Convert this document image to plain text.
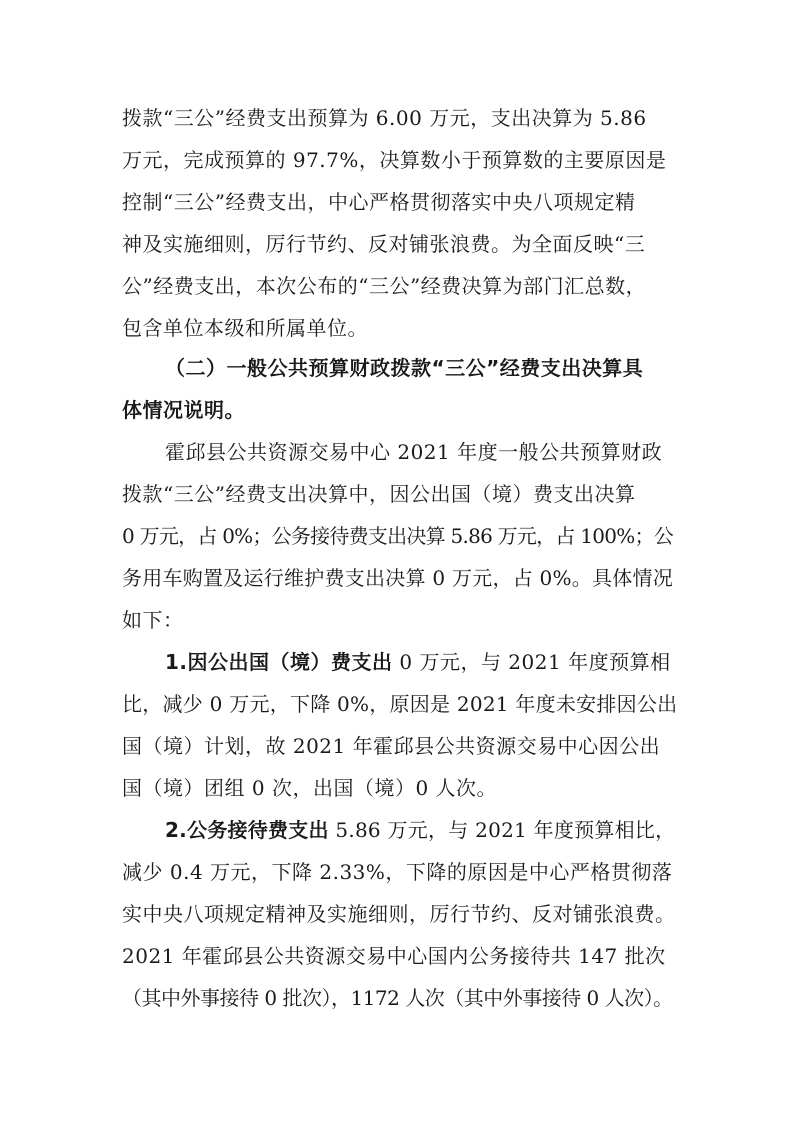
拨款“三公”经费支出预算为 6.00 万元，支出决算为 5.86
万元，完成预算的 97.7%，决算数小于预算数的主要原因是
控制“三公”经费支出，中心严格贯彻落实中央八项规定精
神及实施细则，厉行节约、反对铺张浪费。为全面反映“三
公”经费支出，本次公布的“三公”经费决算为部门汇总数，
包含单位本级和所属单位。
（二）一般公共预算财政拨款“三公”经费支出决算具
体情况说明。
霍邱县公共资源交易中心 2021 年度一般公共预算财政
拨款“三公”经费支出决算中，因公出国（境）费支出决算
0 万元，占 0%；公务接待费支出决算 5.86 万元，占 100%；公
务用车购置及运行维护费支出决算 0 万元，占 0%。具体情况
如下：
1.因公出国（境）费支出 0 万元，与 2021 年度预算相
比，减少 0 万元，下降 0%，原因是 2021 年度未安排因公出
国（境）计划，故 2021 年霍邱县公共资源交易中心因公出
国（境）团组 0 次，出国（境）0 人次。
2.公务接待费支出 5.86 万元，与 2021 年度预算相比，
减少 0.4 万元，下降 2.33%，下降的原因是中心严格贯彻落
实中央八项规定精神及实施细则，厉行节约、反对铺张浪费。
2021 年霍邱县公共资源交易中心国内公务接待共 147 批次
（其中外事接待 0 批次），1172 人次（其中外事接待 0 人次）。
